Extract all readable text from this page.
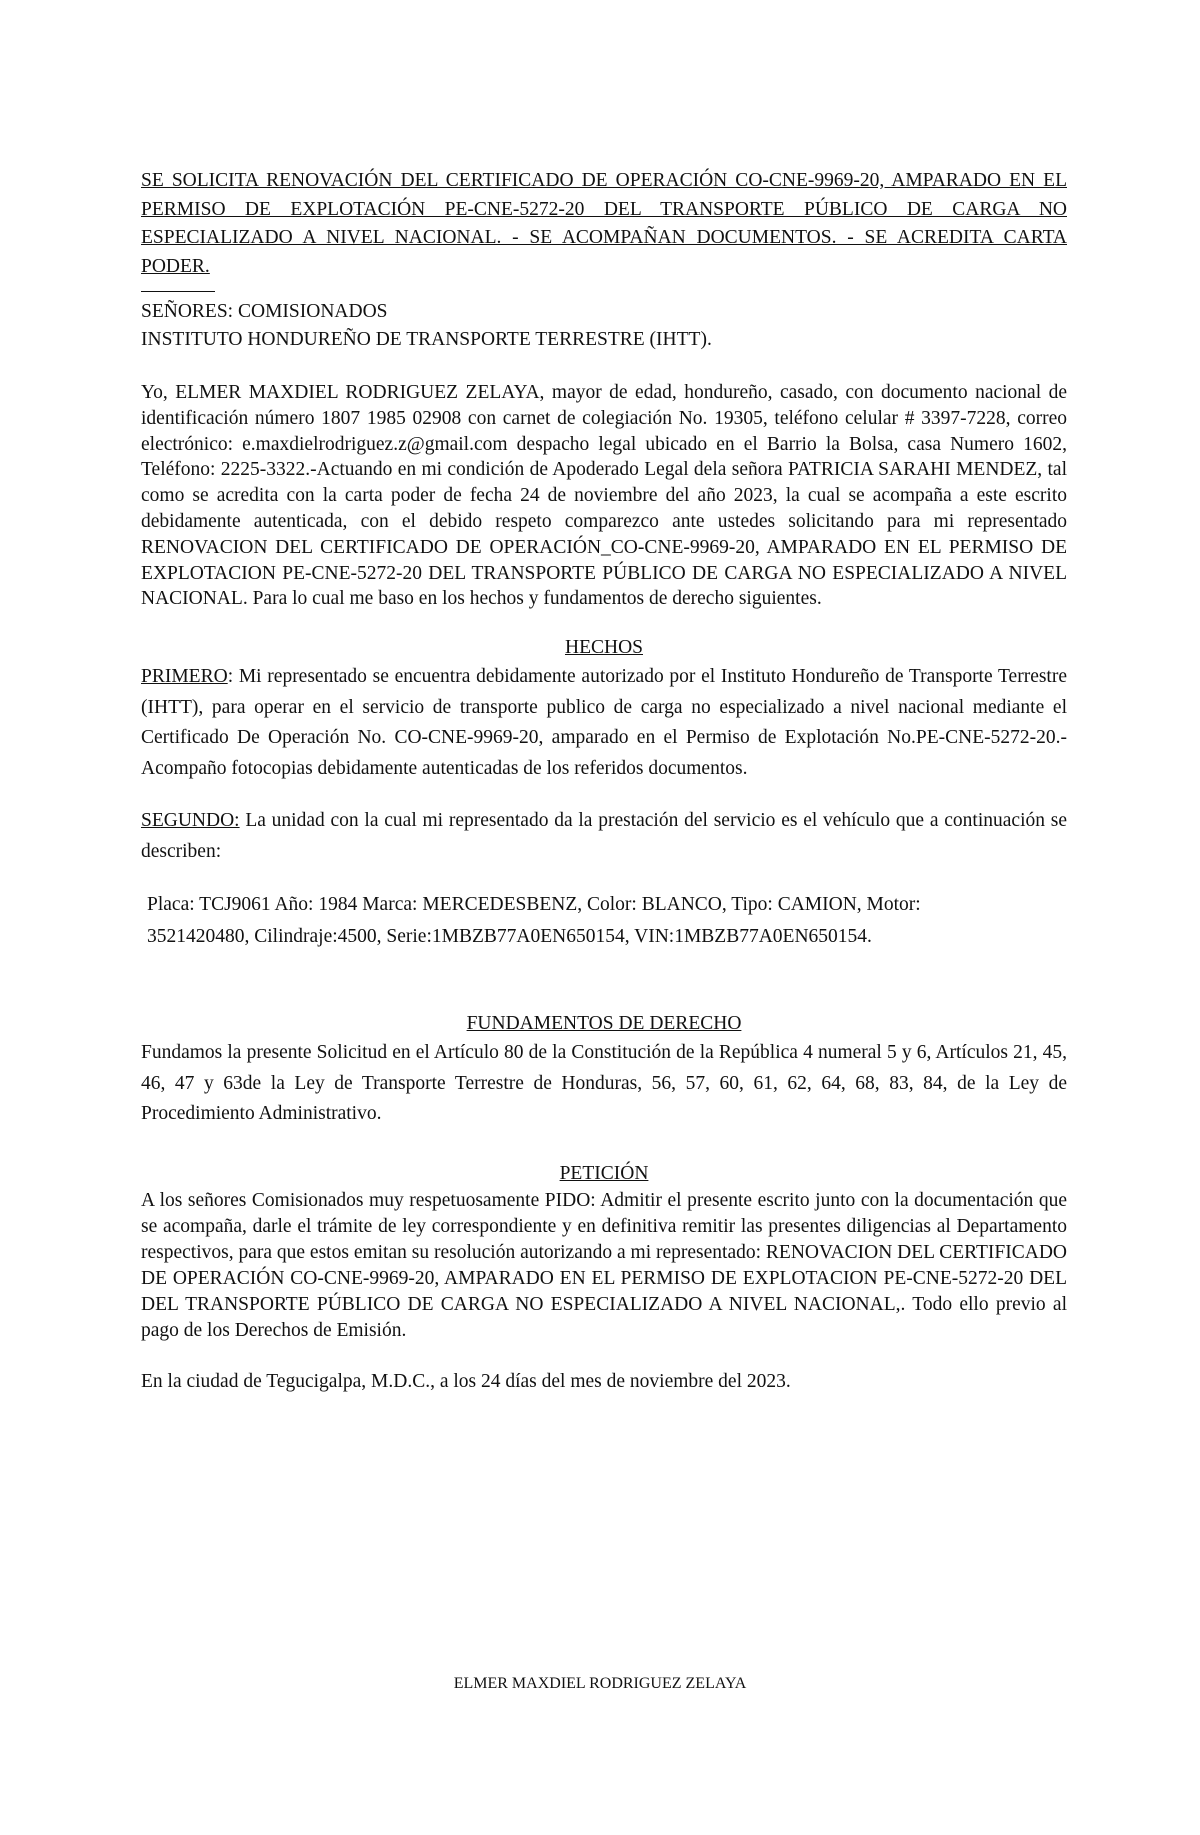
SE SOLICITA RENOVACIÓN DEL CERTIFICADO DE OPERACIÓN CO-CNE-9969-20, AMPARADO EN EL PERMISO DE EXPLOTACIÓN PE-CNE-5272-20 DEL TRANSPORTE PÚBLICO DE CARGA NO ESPECIALIZADO A NIVEL NACIONAL. - SE ACOMPAÑAN DOCUMENTOS. - SE ACREDITA CARTA PODER.

SEÑORES: COMISIONADOS
INSTITUTO HONDUREÑO DE TRANSPORTE TERRESTRE (IHTT).

Yo, ELMER MAXDIEL RODRIGUEZ ZELAYA, mayor de edad, hondureño, casado, con documento nacional de identificación número 1807 1985 02908 con carnet de colegiación No. 19305, teléfono celular # 3397-7228, correo electrónico: e.maxdielrodriguez.z@gmail.com despacho legal ubicado en el Barrio la Bolsa, casa Numero 1602, Teléfono: 2225-3322.-Actuando en mi condición de Apoderado Legal dela señora PATRICIA SARAHI MENDEZ, tal como se acredita con la carta poder de fecha 24 de noviembre del año 2023, la cual se acompaña a este escrito debidamente autenticada, con el debido respeto comparezco ante ustedes solicitando para mi representado RENOVACION DEL CERTIFICADO DE OPERACIÓN_CO-CNE-9969-20, AMPARADO EN EL PERMISO DE EXPLOTACION PE-CNE-5272-20 DEL TRANSPORTE PÚBLICO DE CARGA NO ESPECIALIZADO A NIVEL NACIONAL. Para lo cual me baso en los hechos y fundamentos de derecho siguientes.

HECHOS

PRIMERO: Mi representado se encuentra debidamente autorizado por el Instituto Hondureño de Transporte Terrestre (IHTT), para operar en el servicio de transporte publico de carga no especializado a nivel nacional mediante el Certificado De Operación No. CO-CNE-9969-20, amparado en el Permiso de Explotación No.PE-CNE-5272-20.-Acompaño fotocopias debidamente autenticadas de los referidos documentos.

SEGUNDO: La unidad con la cual mi representado da la prestación del servicio es el vehículo que a continuación se describen:

Placa: TCJ9061 Año: 1984 Marca: MERCEDESBENZ, Color: BLANCO, Tipo: CAMION, Motor:
3521420480, Cilindraje:4500, Serie:1MBZB77A0EN650154, VIN:1MBZB77A0EN650154.

FUNDAMENTOS DE DERECHO

Fundamos la presente Solicitud en el Artículo 80 de la Constitución de la República 4 numeral 5 y 6, Artículos 21, 45, 46, 47 y 63de la Ley de Transporte Terrestre de Honduras, 56, 57, 60, 61, 62, 64, 68, 83, 84, de la Ley de Procedimiento Administrativo.

PETICIÓN

A los señores Comisionados muy respetuosamente PIDO: Admitir el presente escrito junto con la documentación que se acompaña, darle el trámite de ley correspondiente y en definitiva remitir las presentes diligencias al Departamento respectivos, para que estos emitan su resolución autorizando a mi representado: RENOVACION DEL CERTIFICADO DE OPERACIÓN CO-CNE-9969-20, AMPARADO EN EL PERMISO DE EXPLOTACION PE-CNE-5272-20 DEL DEL TRANSPORTE PÚBLICO DE CARGA NO ESPECIALIZADO A NIVEL NACIONAL,. Todo ello previo al pago de los Derechos de Emisión.

En la ciudad de Tegucigalpa, M.D.C., a los 24 días del mes de noviembre del 2023.

ELMER MAXDIEL RODRIGUEZ ZELAYA
